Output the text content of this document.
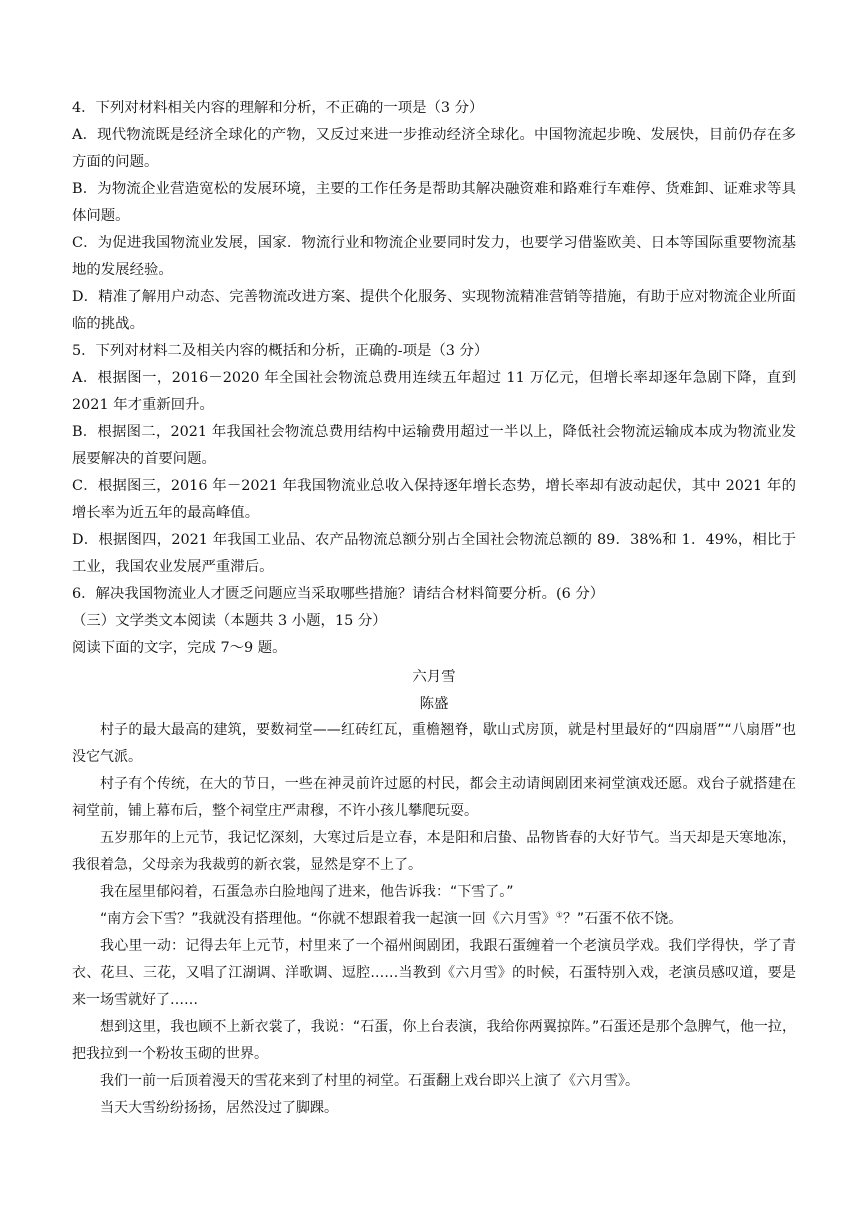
4．下列对材料相关内容的理解和分析，不正确的一项是（3 分）

A．现代物流既是经济全球化的产物，又反过来进一步推动经济全球化。中国物流起步晚、发展快，目前仍存在多方面的问题。

B．为物流企业营造宽松的发展环境，主要的工作任务是帮助其解决融资难和路难行车难停、货难卸、证难求等具体问题。

C．为促进我国物流业发展，国家．物流行业和物流企业要同时发力，也要学习借鉴欧美、日本等国际重要物流基地的发展经验。

D．精准了解用户动态、完善物流改进方案、提供个化服务、实现物流精准营销等措施，有助于应对物流企业所面临的挑战。

5．下列对材料二及相关内容的概括和分析，正确的-项是（3 分）

A．根据图一，2016－2020 年全国社会物流总费用连续五年超过 11 万亿元，但增长率却逐年急剧下降，直到 2021 年才重新回升。

B．根据图二，2021 年我国社会物流总费用结构中运输费用超过一半以上，降低社会物流运输成本成为物流业发展要解决的首要问题。

C．根据图三，2016 年－2021 年我国物流业总收入保持逐年增长态势，增长率却有波动起伏，其中 2021 年的增长率为近五年的最高峰值。

D．根据图四，2021 年我国工业品、农产品物流总额分别占全国社会物流总额的 89．38%和 1．49%，相比于工业，我国农业发展严重滞后。

6．解决我国物流业人才匮乏问题应当采取哪些措施？请结合材料简要分析。(6 分）

（三）文学类文本阅读（本题共 3 小题，15 分）

阅读下面的文字，完成 7～9 题。

六月雪

陈盛

村子的最大最高的建筑，要数祠堂——红砖红瓦，重檐翘脊，歇山式房顶，就是村里最好的“四扇厝”“八扇厝”也没它气派。

村子有个传统，在大的节日，一些在神灵前许过愿的村民，都会主动请闽剧团来祠堂演戏还愿。戏台子就搭建在祠堂前，铺上幕布后，整个祠堂庄严肃穆，不许小孩儿攀爬玩耍。

五岁那年的上元节，我记忆深刻，大寒过后是立春，本是阳和启蛰、品物皆春的大好节气。当天却是天寒地冻，我很着急，父母亲为我裁剪的新衣裳，显然是穿不上了。

我在屋里郁闷着，石蛋急赤白脸地闯了进来，他告诉我：“下雪了。”

“南方会下雪？”我就没有搭理他。“你就不想跟着我一起演一回《六月雪》①？”石蛋不依不饶。

我心里一动：记得去年上元节，村里来了一个福州闽剧团，我跟石蛋缠着一个老演员学戏。我们学得快，学了青衣、花旦、三花，又唱了江湖调、洋歌调、逗腔……当教到《六月雪》的时候，石蛋特别入戏，老演员感叹道，要是来一场雪就好了……

想到这里，我也顾不上新衣裳了，我说：“石蛋，你上台表演，我给你两翼掠阵。”石蛋还是那个急脾气，他一拉，把我拉到一个粉妆玉砌的世界。

我们一前一后顶着漫天的雪花来到了村里的祠堂。石蛋翻上戏台即兴上演了《六月雪》。

当天大雪纷纷扬扬，居然没过了脚踝。
